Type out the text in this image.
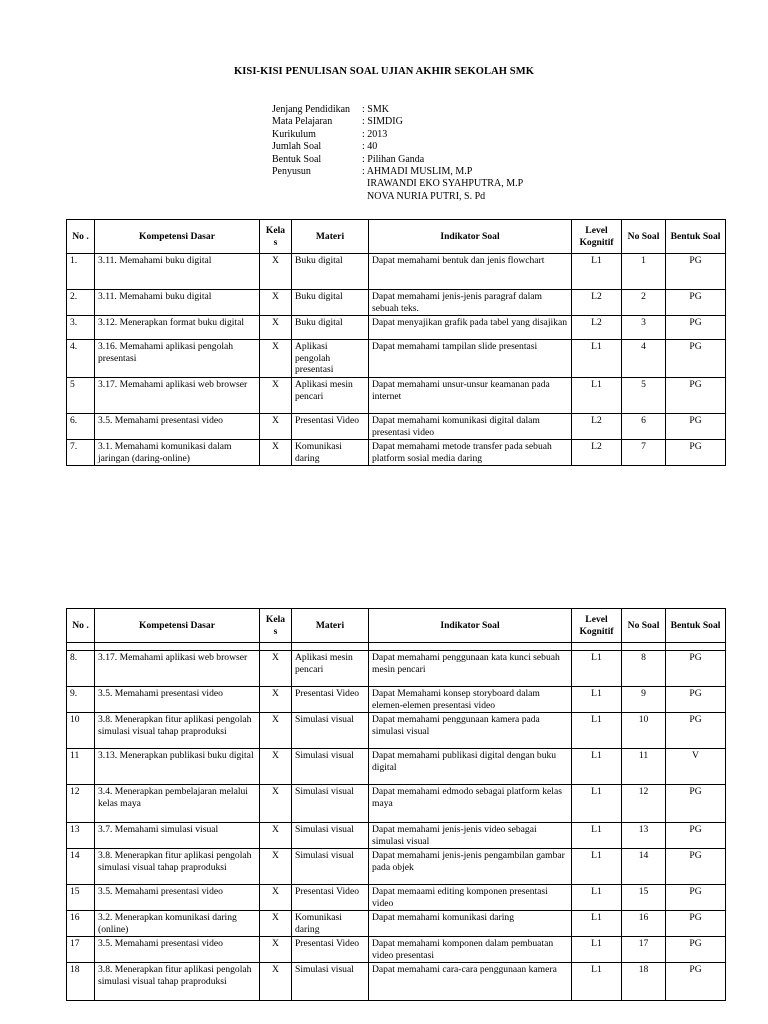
KISI-KISI PENULISAN SOAL UJIAN AKHIR SEKOLAH SMK
Jenjang Pendidikan	: SMK
Mata Pelajaran	: SIMDIG
Kurikulum	: 2013
Jumlah Soal	: 40
Bentuk Soal	: Pilihan Ganda
Penyusun	: AHMADI MUSLIM, M.P
IRAWANDI EKO SYAHPUTRA, M.P
NOVA NURIA PUTRI, S. Pd
No .	Kompetensi Dasar	Kela s	Materi	Indikator Soal	Level Kognitif	No Soal	Bentuk Soal
1.	3.11. Memahami buku digital	X	Buku digital	Dapat memahami bentuk dan jenis flowchart	L1	1	PG
2.	3.11. Memahami buku digital	X	Buku digital	Dapat memahami jenis-jenis paragraf dalam sebuah teks.	L2	2	PG
3.	3.12. Menerapkan format buku digital	X	Buku digital	Dapat menyajikan grafik pada tabel yang disajikan	L2	3	PG
4.	3.16. Memahami aplikasi pengolah presentasi	X	Aplikasi pengolah presentasi	Dapat memahami tampilan slide presentasi	L1	4	PG
5	3.17. Memahami aplikasi web browser	X	Aplikasi mesin pencari	Dapat memahami unsur-unsur keamanan pada internet	L1	5	PG
6.	3.5. Memahami presentasi video	X	Presentasi Video	Dapat memahami komunikasi digital dalam presentasi video	L2	6	PG
7.	3.1. Memahami komunikasi dalam jaringan (daring-online)	X	Komunikasi daring	Dapat memahami metode transfer pada sebuah platform sosial media daring	L2	7	PG
No .	Kompetensi Dasar	Kela s	Materi	Indikator Soal	Level Kognitif	No Soal	Bentuk Soal

8.	3.17. Memahami aplikasi web browser	X	Aplikasi mesin pencari	Dapat memahami penggunaan kata kunci sebuah mesin pencari	L1	8	PG
9.	3.5. Memahami presentasi video	X	Presentasi Video	Dapat Memahami konsep storyboard dalam elemen-elemen presentasi video	L1	9	PG
10	3.8. Menerapkan fitur aplikasi pengolah simulasi visual tahap praproduksi	X	Simulasi visual	Dapat memahami penggunaan kamera pada simulasi visual	L1	10	PG
11	3.13. Menerapkan publikasi buku digital	X	Simulasi visual	Dapat memahami publikasi digital dengan buku digital	L1	11	V
12	3.4. Menerapkan pembelajaran melalui kelas maya	X	Simulasi visual	Dapat memahami edmodo sebagai platform kelas maya	L1	12	PG
13	3.7. Memahami simulasi visual	X	Simulasi visual	Dapat memahami jenis-jenis video sebagai simulasi visual	L1	13	PG
14	3.8. Menerapkan fitur aplikasi pengolah simulasi visual tahap praproduksi	X	Simulasi visual	Dapat memahami jenis-jenis pengambilan gambar pada objek	L1	14	PG
15	3.5. Memahami presentasi video	X	Presentasi Video	Dapat memaami editing komponen presentasi video	L1	15	PG
16	3.2. Menerapkan komunikasi daring (online)	X	Komunikasi daring	Dapat memahami komunikasi daring	L1	16	PG
17	3.5. Memahami presentasi video	X	Presentasi Video	Dapat memahami komponen dalam pembuatan video presentasi	L1	17	PG
18	3.8. Menerapkan fitur aplikasi pengolah simulasi visual tahap praproduksi	X	Simulasi visual	Dapat memahami cara-cara penggunaan kamera	L1	18	PG
